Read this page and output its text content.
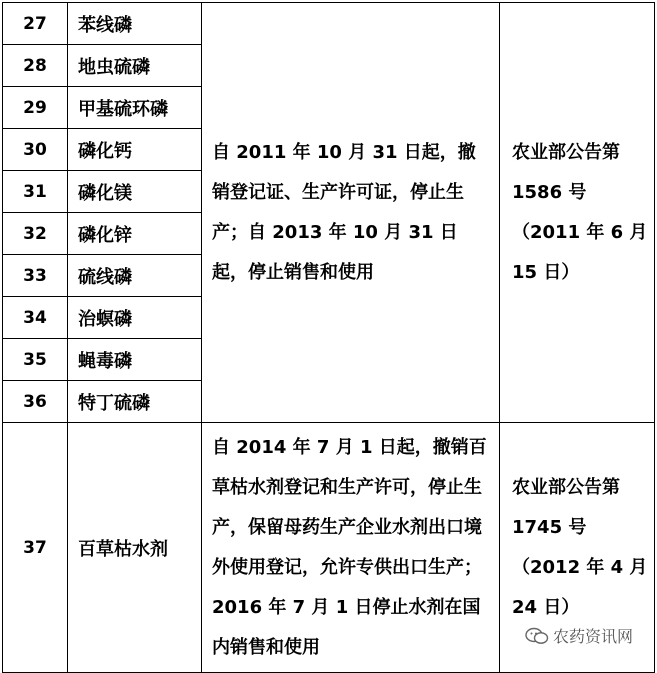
27	苯线磷	自 2011 年 10 月 31 日起，撤销登记证、生产许可证，停止生产；自 2013 年 10 月 31 日起，停止销售和使用	农业部公告第 1586 号（2011 年 6 月 15 日）
28	地虫硫磷		
29	甲基硫环磷		
30	磷化钙		
31	磷化镁		
32	磷化锌		
33	硫线磷		
34	治螟磷		
35	蝇毒磷		
36	特丁硫磷		
37	百草枯水剂	自 2014 年 7 月 1 日起，撤销百草枯水剂登记和生产许可，停止生产，保留母药生产企业水剂出口境外使用登记，允许专供出口生产；2016 年 7 月 1 日停止水剂在国内销售和使用	农业部公告第 1745 号（2012 年 4 月 24 日）
农药资讯网
